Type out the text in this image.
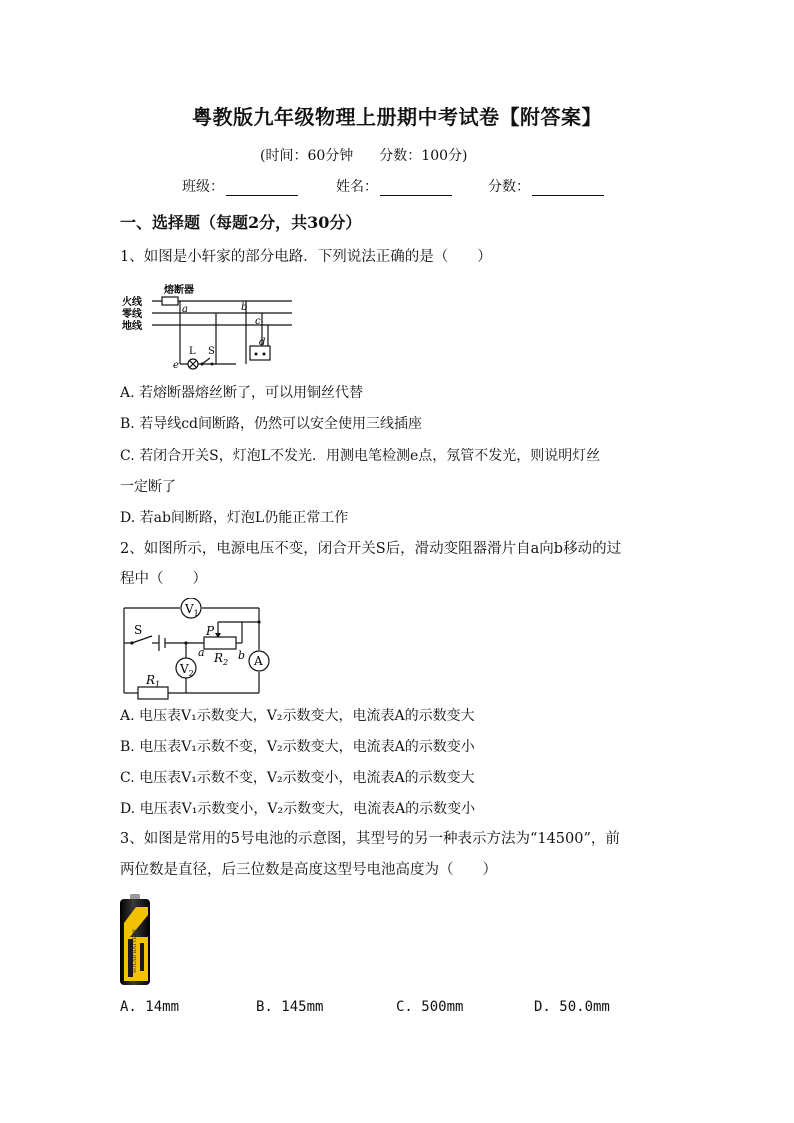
粤教版九年级物理上册期中考试卷【附答案】
(时间：60分钟 分数：100分)
班级：	姓名：	分数：
一、选择题（每题2分，共30分）
1、如图是小轩家的部分电路．下列说法正确的是（　　）
熔断器
火线
零线
地线
a	b
c
d
e
L S
A. 若熔断器熔丝断了，可以用铜丝代替
B. 若导线cd间断路，仍然可以安全使用三线插座
C. 若闭合开关S，灯泡L不发光．用测电笔检测e点，氖管不发光，则说明灯丝
一定断了
D. 若ab间断路，灯泡L仍能正常工作
2、如图所示，电源电压不变，闭合开关S后，滑动变阻器滑片自a向b移动的过
程中（　　）
$V_1$
$V_2$
A
S	P
a	b
$R_2$
$R_1$
A. 电压表V₁示数变大，V₂示数变大，电流表A的示数变大
B. 电压表V₁示数不变，V₂示数变大，电流表A的示数变小
C. 电压表V₁示数不变，V₂示数变小，电流表A的示数变大
D. 电压表V₁示数变小，V₂示数变大，电流表A的示数变小
3、如图是常用的5号电池的示意图，其型号的另一种表示方法为“14500”，前
两位数是直径，后三位数是高度这型号电池高度为（　　）
SOLAR BATTERY
A. 14mm	B. 145mm	C. 500mm	D. 50.0mm
